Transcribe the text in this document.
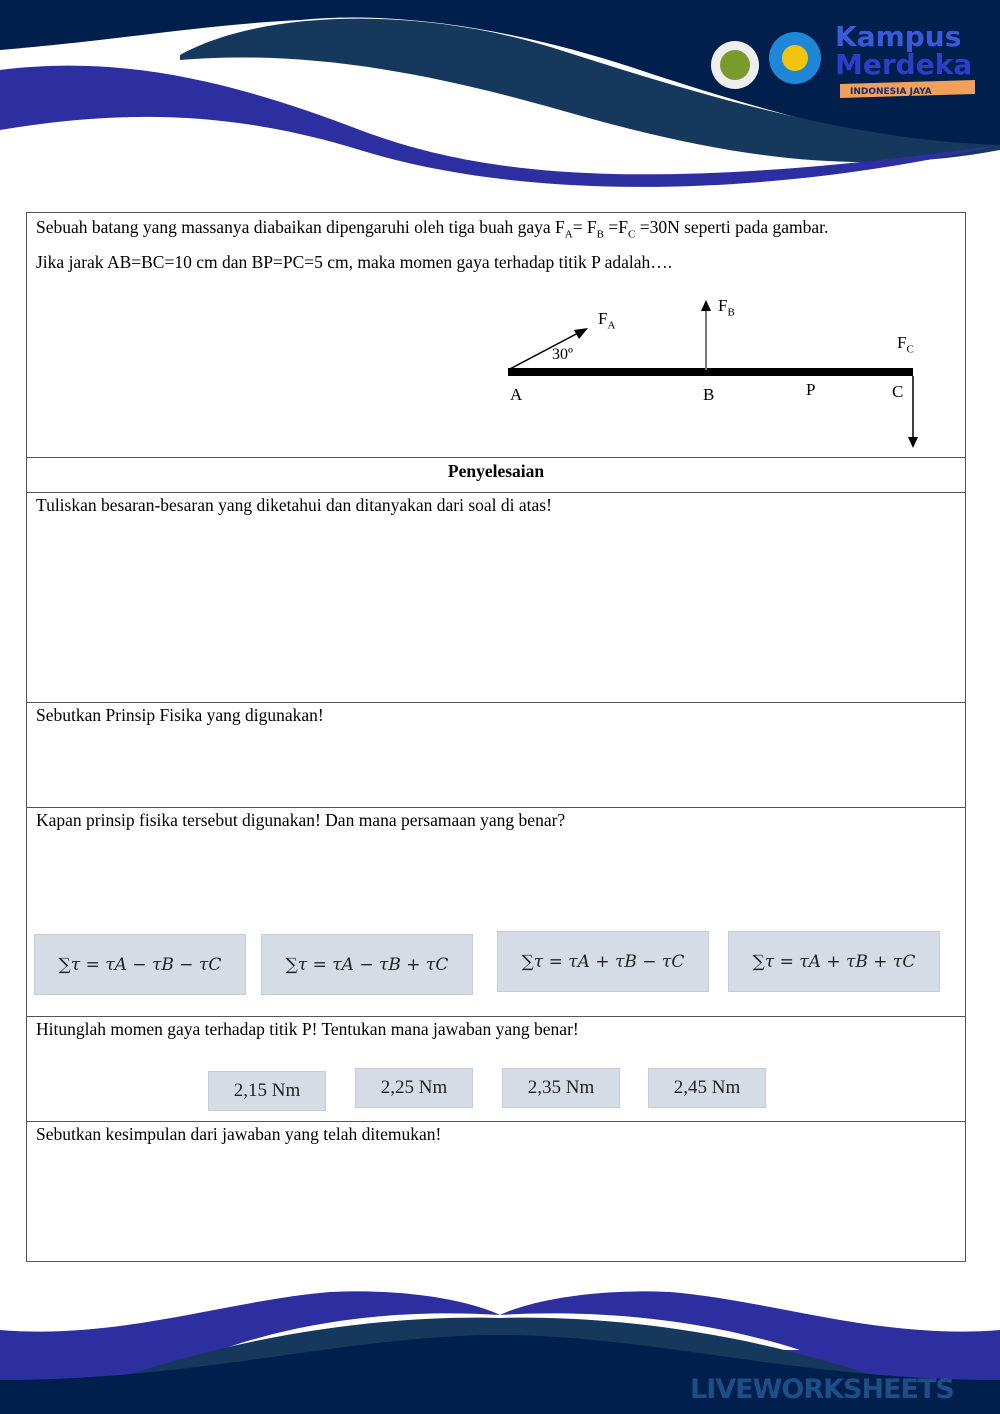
INDONESIA JAYA
Kampus
Merdeka
Sebuah batang yang massanya diabaikan dipengaruhi oleh tiga buah gaya $F_A= F_B =F_C =30N$ seperti pada gambar.
Jika jarak AB=BC=10 cm dan BP=PC=5 cm, maka momen gaya terhadap titik P adalah….
$F_A$
$F_B$
$F_C$
30º
A	B	P	C
Penyelesaian
Tuliskan besaran-besaran yang diketahui dan ditanyakan dari soal di atas!
Sebutkan Prinsip Fisika yang digunakan!
Kapan prinsip fisika tersebut digunakan! Dan mana persamaan yang benar?
Hitunglah momen gaya terhadap titik P! Tentukan mana jawaban yang benar!
Sebutkan kesimpulan dari jawaban yang telah ditemukan!
∑τ = τA − τB − τC	∑τ = τA − τB + τC	∑τ = τA + τB − τC	∑τ = τA + τB + τC
2,15 Nm	2,25 Nm	2,35 Nm	2,45 Nm
LIVEWORKSHEETS
